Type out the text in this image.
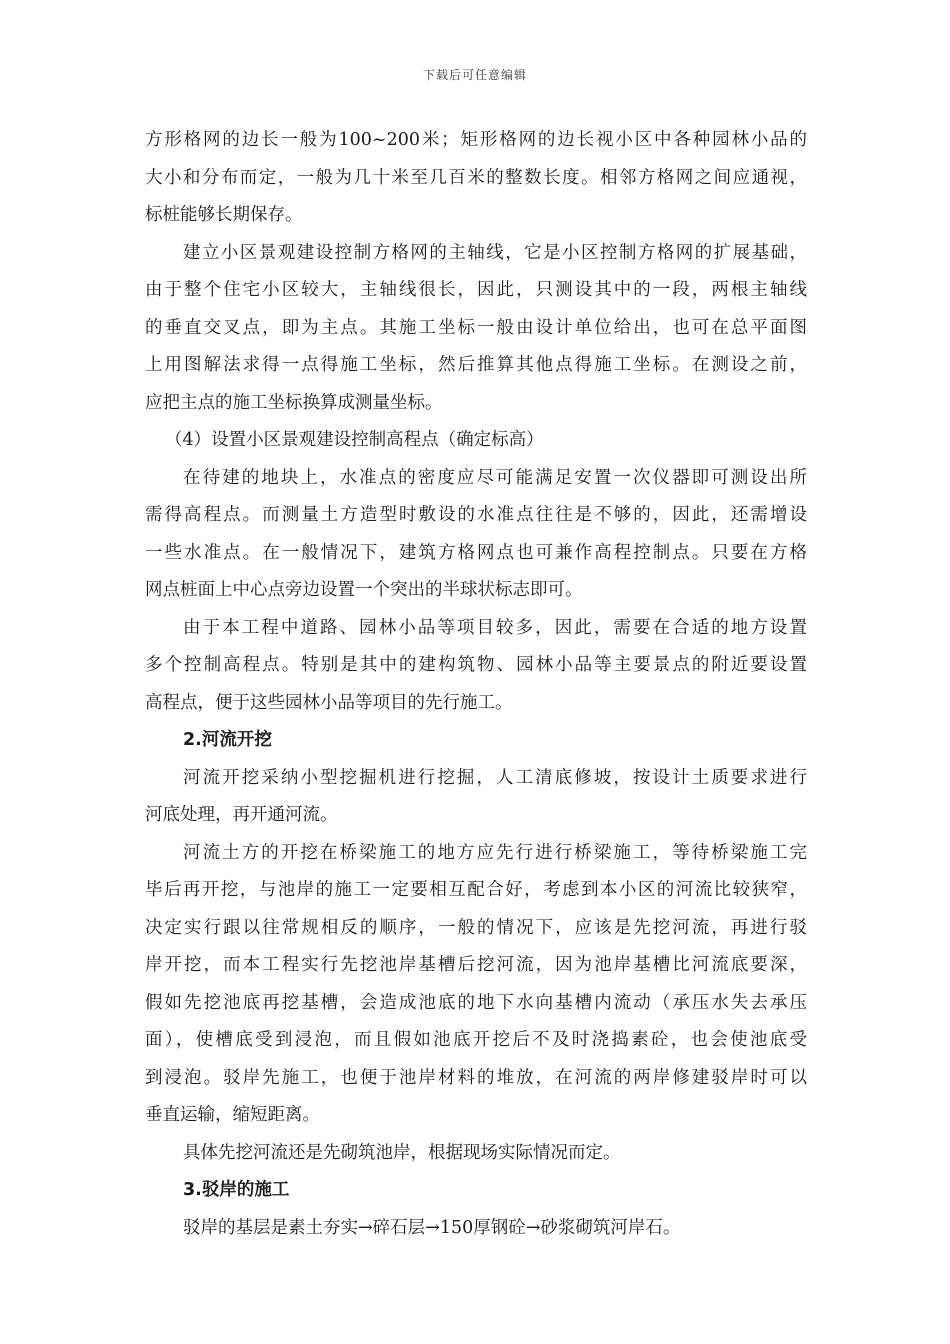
下载后可任意编辑
方形格网的边长一般为100~200米；矩形格网的边长视小区中各种园林小品的
大小和分布而定，一般为几十米至几百米的整数长度。相邻方格网之间应通视，
标桩能够长期保存。
建立小区景观建设控制方格网的主轴线，它是小区控制方格网的扩展基础，
由于整个住宅小区较大，主轴线很长，因此，只测设其中的一段，两根主轴线
的垂直交叉点，即为主点。其施工坐标一般由设计单位给出，也可在总平面图
上用图解法求得一点得施工坐标，然后推算其他点得施工坐标。在测设之前，
应把主点的施工坐标换算成测量坐标。
（4）设置小区景观建设控制高程点（确定标高）
在待建的地块上，水准点的密度应尽可能满足安置一次仪器即可测设出所
需得高程点。而测量土方造型时敷设的水准点往往是不够的，因此，还需增设
一些水准点。在一般情况下，建筑方格网点也可兼作高程控制点。只要在方格
网点桩面上中心点旁边设置一个突出的半球状标志即可。
由于本工程中道路、园林小品等项目较多，因此，需要在合适的地方设置
多个控制高程点。特别是其中的建构筑物、园林小品等主要景点的附近要设置
高程点，便于这些园林小品等项目的先行施工。
2.河流开挖
河流开挖采纳小型挖掘机进行挖掘，人工清底修坡，按设计土质要求进行
河底处理，再开通河流。
河流土方的开挖在桥梁施工的地方应先行进行桥梁施工，等待桥梁施工完
毕后再开挖，与池岸的施工一定要相互配合好，考虑到本小区的河流比较狭窄，
决定实行跟以往常规相反的顺序，一般的情况下，应该是先挖河流，再进行驳
岸开挖，而本工程实行先挖池岸基槽后挖河流，因为池岸基槽比河流底要深，
假如先挖池底再挖基槽，会造成池底的地下水向基槽内流动（承压水失去承压
面），使槽底受到浸泡，而且假如池底开挖后不及时浇捣素砼，也会使池底受
到浸泡。驳岸先施工，也便于池岸材料的堆放，在河流的两岸修建驳岸时可以
垂直运输，缩短距离。
具体先挖河流还是先砌筑池岸，根据现场实际情况而定。
3.驳岸的施工
驳岸的基层是素土夯实→碎石层→150厚钢砼→砂浆砌筑河岸石。
